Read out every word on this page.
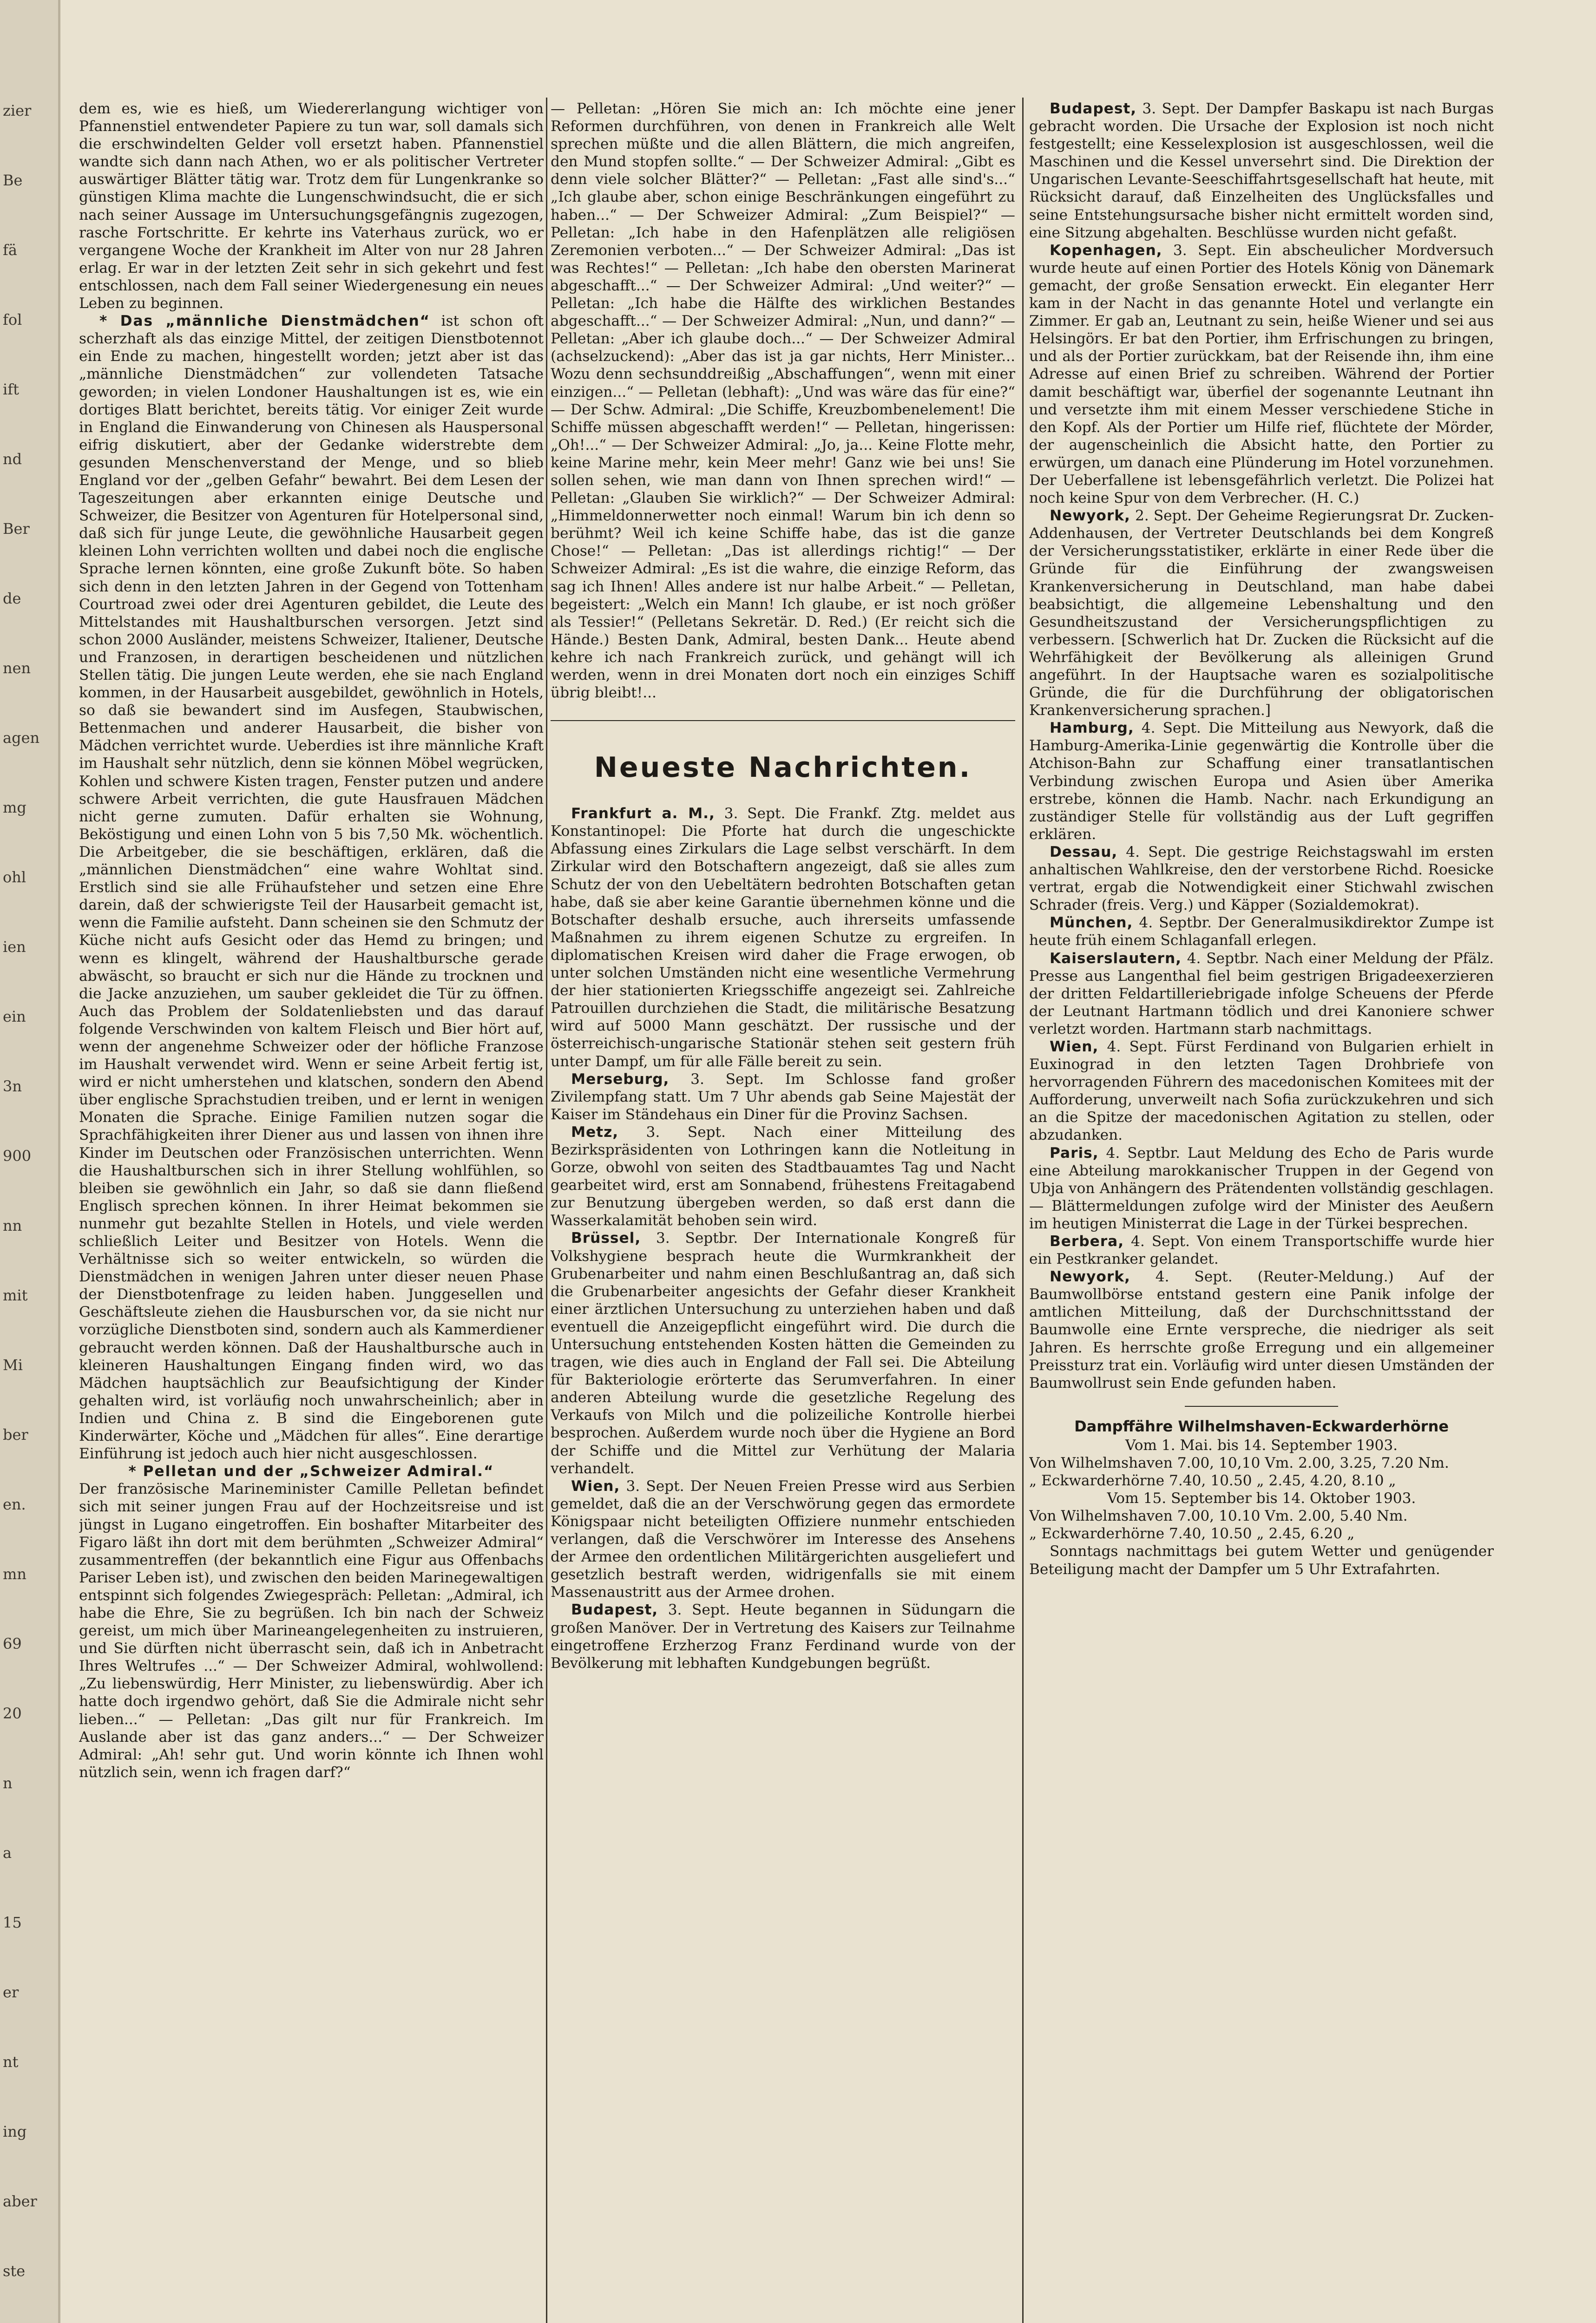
zier
Be
fä
fol
ift
nd
Ber
de
nen
agen
mg
ohl
ien
ein
3n
900
nn
mit
Mi
ber
en.
mn
69
20
n
a
15
er
nt
ing
aber
ste

dem es, wie es hieß, um Wiedererlangung wichtiger von Pfannenstiel entwendeter Papiere zu tun war, soll damals sich die erschwindelten Gelder voll ersetzt haben. Pfannenstiel wandte sich dann nach Athen, wo er als politischer Vertreter auswärtiger Blätter tätig war. Trotz dem für Lungenkranke so günstigen Klima machte die Lungenschwindsucht, die er sich nach seiner Aussage im Untersuchungsgefängnis zugezogen, rasche Fortschritte. Er kehrte ins Vaterhaus zurück, wo er vergangene Woche der Krankheit im Alter von nur 28 Jahren erlag. Er war in der letzten Zeit sehr in sich gekehrt und fest entschlossen, nach dem Fall seiner Wiedergenesung ein neues Leben zu beginnen.

* Das „männliche Dienstmädchen“ ist schon oft scherzhaft als das einzige Mittel, der zeitigen Dienstbotennot ein Ende zu machen, hingestellt worden; jetzt aber ist das „männliche Dienstmädchen“ zur vollendeten Tatsache geworden; in vielen Londoner Haushaltungen ist es, wie ein dortiges Blatt berichtet, bereits tätig. Vor einiger Zeit wurde in England die Einwanderung von Chinesen als Hauspersonal eifrig diskutiert, aber der Gedanke widerstrebte dem gesunden Menschenverstand der Menge, und so blieb England vor der „gelben Gefahr“ bewahrt. Bei dem Lesen der Tageszeitungen aber erkannten einige Deutsche und Schweizer, die Besitzer von Agenturen für Hotelpersonal sind, daß sich für junge Leute, die gewöhnliche Hausarbeit gegen kleinen Lohn verrichten wollten und dabei noch die englische Sprache lernen könnten, eine große Zukunft böte. So haben sich denn in den letzten Jahren in der Gegend von Tottenham Courtroad zwei oder drei Agenturen gebildet, die Leute des Mittelstandes mit Haushaltburschen versorgen. Jetzt sind schon 2000 Ausländer, meistens Schweizer, Italiener, Deutsche und Franzosen, in derartigen bescheidenen und nützlichen Stellen tätig. Die jungen Leute werden, ehe sie nach England kommen, in der Hausarbeit ausgebildet, gewöhnlich in Hotels, so daß sie bewandert sind im Ausfegen, Staubwischen, Bettenmachen und anderer Hausarbeit, die bisher von Mädchen verrichtet wurde. Ueberdies ist ihre männliche Kraft im Haushalt sehr nützlich, denn sie können Möbel wegrücken, Kohlen und schwere Kisten tragen, Fenster putzen und andere schwere Arbeit verrichten, die gute Hausfrauen Mädchen nicht gerne zumuten. Dafür erhalten sie Wohnung, Beköstigung und einen Lohn von 5 bis 7,50 Mk. wöchentlich. Die Arbeitgeber, die sie beschäftigen, erklären, daß die „männlichen Dienstmädchen“ eine wahre Wohltat sind. Erstlich sind sie alle Frühaufsteher und setzen eine Ehre darein, daß der schwierigste Teil der Hausarbeit gemacht ist, wenn die Familie aufsteht. Dann scheinen sie den Schmutz der Küche nicht aufs Gesicht oder das Hemd zu bringen; und wenn es klingelt, während der Haushaltbursche gerade abwäscht, so braucht er sich nur die Hände zu trocknen und die Jacke anzuziehen, um sauber gekleidet die Tür zu öffnen. Auch das Problem der Soldatenliebsten und das darauf folgende Verschwinden von kaltem Fleisch und Bier hört auf, wenn der angenehme Schweizer oder der höfliche Franzose im Haushalt verwendet wird. Wenn er seine Arbeit fertig ist, wird er nicht umherstehen und klatschen, sondern den Abend über englische Sprachstudien treiben, und er lernt in wenigen Monaten die Sprache. Einige Familien nutzen sogar die Sprachfähigkeiten ihrer Diener aus und lassen von ihnen ihre Kinder im Deutschen oder Französischen unterrichten. Wenn die Haushaltburschen sich in ihrer Stellung wohlfühlen, so bleiben sie gewöhnlich ein Jahr, so daß sie dann fließend Englisch sprechen können. In ihrer Heimat bekommen sie nunmehr gut bezahlte Stellen in Hotels, und viele werden schließlich Leiter und Besitzer von Hotels. Wenn die Verhältnisse sich so weiter entwickeln, so würden die Dienstmädchen in wenigen Jahren unter dieser neuen Phase der Dienstbotenfrage zu leiden haben. Junggesellen und Geschäftsleute ziehen die Hausburschen vor, da sie nicht nur vorzügliche Dienstboten sind, sondern auch als Kammerdiener gebraucht werden können. Daß der Haushaltbursche auch in kleineren Haushaltungen Eingang finden wird, wo das Mädchen hauptsächlich zur Beaufsichtigung der Kinder gehalten wird, ist vorläufig noch unwahrscheinlich; aber in Indien und China z. B sind die Eingeborenen gute Kinderwärter, Köche und „Mädchen für alles“. Eine derartige Einführung ist jedoch auch hier nicht ausgeschlossen.

* Pelletan und der „Schweizer Admiral.“

Der französische Marineminister Camille Pelletan befindet sich mit seiner jungen Frau auf der Hochzeitsreise und ist jüngst in Lugano eingetroffen. Ein boshafter Mitarbeiter des Figaro läßt ihn dort mit dem berühmten „Schweizer Admiral“ zusammentreffen (der bekanntlich eine Figur aus Offenbachs Pariser Leben ist), und zwischen den beiden Marinegewaltigen entspinnt sich folgendes Zwiegespräch: Pelletan: „Admiral, ich habe die Ehre, Sie zu begrüßen. Ich bin nach der Schweiz gereist, um mich über Marineangelegenheiten zu instruieren, und Sie dürften nicht überrascht sein, daß ich in Anbetracht Ihres Weltrufes ...“ — Der Schweizer Admiral, wohlwollend: „Zu liebenswürdig, Herr Minister, zu liebenswürdig. Aber ich hatte doch irgendwo gehört, daß Sie die Admirale nicht sehr lieben...“ — Pelletan: „Das gilt nur für Frankreich. Im Auslande aber ist das ganz anders...“ — Der Schweizer Admiral: „Ah! sehr gut. Und worin könnte ich Ihnen wohl nützlich sein, wenn ich fragen darf?“

— Pelletan: „Hören Sie mich an: Ich möchte eine jener Reformen durchführen, von denen in Frankreich alle Welt sprechen müßte und die allen Blättern, die mich angreifen, den Mund stopfen sollte.“ — Der Schweizer Admiral: „Gibt es denn viele solcher Blätter?“ — Pelletan: „Fast alle sind's...“ „Ich glaube aber, schon einige Beschränkungen eingeführt zu haben...“ — Der Schweizer Admiral: „Zum Beispiel?“ — Pelletan: „Ich habe in den Hafenplätzen alle religiösen Zeremonien verboten...“ — Der Schweizer Admiral: „Das ist was Rechtes!“ — Pelletan: „Ich habe den obersten Marinerat abgeschafft...“ — Der Schweizer Admiral: „Und weiter?“ — Pelletan: „Ich habe die Hälfte des wirklichen Bestandes abgeschafft...“ — Der Schweizer Admiral: „Nun, und dann?“ — Pelletan: „Aber ich glaube doch...“ — Der Schweizer Admiral (achselzuckend): „Aber das ist ja gar nichts, Herr Minister... Wozu denn sechsunddreißig „Abschaffungen“, wenn mit einer einzigen...“ — Pelletan (lebhaft): „Und was wäre das für eine?“ — Der Schw. Admiral: „Die Schiffe, Kreuzbombenelement! Die Schiffe müssen abgeschafft werden!“ — Pelletan, hingerissen: „Oh!...“ — Der Schweizer Admiral: „Jo, ja... Keine Flotte mehr, keine Marine mehr, kein Meer mehr! Ganz wie bei uns! Sie sollen sehen, wie man dann von Ihnen sprechen wird!“ — Pelletan: „Glauben Sie wirklich?“ — Der Schweizer Admiral: „Himmeldonnerwetter noch einmal! Warum bin ich denn so berühmt? Weil ich keine Schiffe habe, das ist die ganze Chose!“ — Pelletan: „Das ist allerdings richtig!“ — Der Schweizer Admiral: „Es ist die wahre, die einzige Reform, das sag ich Ihnen! Alles andere ist nur halbe Arbeit.“ — Pelletan, begeistert: „Welch ein Mann! Ich glaube, er ist noch größer als Tessier!“ (Pelletans Sekretär. D. Red.) (Er reicht sich die Hände.) Besten Dank, Admiral, besten Dank... Heute abend kehre ich nach Frankreich zurück, und gehängt will ich werden, wenn in drei Monaten dort noch ein einziges Schiff übrig bleibt!...

Neueste Nachrichten.

Frankfurt a. M., 3. Sept. Die Frankf. Ztg. meldet aus Konstantinopel: Die Pforte hat durch die ungeschickte Abfassung eines Zirkulars die Lage selbst verschärft. In dem Zirkular wird den Botschaftern angezeigt, daß sie alles zum Schutz der von den Uebeltätern bedrohten Botschaften getan habe, daß sie aber keine Garantie übernehmen könne und die Botschafter deshalb ersuche, auch ihrerseits umfassende Maßnahmen zu ihrem eigenen Schutze zu ergreifen. In diplomatischen Kreisen wird daher die Frage erwogen, ob unter solchen Umständen nicht eine wesentliche Vermehrung der hier stationierten Kriegsschiffe angezeigt sei. Zahlreiche Patrouillen durchziehen die Stadt, die militärische Besatzung wird auf 5000 Mann geschätzt. Der russische und der österreichisch-ungarische Stationär stehen seit gestern früh unter Dampf, um für alle Fälle bereit zu sein.

Merseburg, 3. Sept. Im Schlosse fand großer Zivilempfang statt. Um 7 Uhr abends gab Seine Majestät der Kaiser im Ständehaus ein Diner für die Provinz Sachsen.

Metz, 3. Sept. Nach einer Mitteilung des Bezirkspräsidenten von Lothringen kann die Notleitung in Gorze, obwohl von seiten des Stadtbauamtes Tag und Nacht gearbeitet wird, erst am Sonnabend, frühestens Freitagabend zur Benutzung übergeben werden, so daß erst dann die Wasserkalamität behoben sein wird.

Brüssel, 3. Septbr. Der Internationale Kongreß für Volkshygiene besprach heute die Wurmkrankheit der Grubenarbeiter und nahm einen Beschlußantrag an, daß sich die Grubenarbeiter angesichts der Gefahr dieser Krankheit einer ärztlichen Untersuchung zu unterziehen haben und daß eventuell die Anzeigepflicht eingeführt wird. Die durch die Untersuchung entstehenden Kosten hätten die Gemeinden zu tragen, wie dies auch in England der Fall sei. Die Abteilung für Bakteriologie erörterte das Serumverfahren. In einer anderen Abteilung wurde die gesetzliche Regelung des Verkaufs von Milch und die polizeiliche Kontrolle hierbei besprochen. Außerdem wurde noch über die Hygiene an Bord der Schiffe und die Mittel zur Verhütung der Malaria verhandelt.

Wien, 3. Sept. Der Neuen Freien Presse wird aus Serbien gemeldet, daß die an der Verschwörung gegen das ermordete Königspaar nicht beteiligten Offiziere nunmehr entschieden verlangen, daß die Verschwörer im Interesse des Ansehens der Armee den ordentlichen Militärgerichten ausgeliefert und gesetzlich bestraft werden, widrigenfalls sie mit einem Massenaustritt aus der Armee drohen.

Budapest, 3. Sept. Heute begannen in Südungarn die großen Manöver. Der in Vertretung des Kaisers zur Teilnahme eingetroffene Erzherzog Franz Ferdinand wurde von der Bevölkerung mit lebhaften Kundgebungen begrüßt.

Budapest, 3. Sept. Der Dampfer Baskapu ist nach Burgas gebracht worden. Die Ursache der Explosion ist noch nicht festgestellt; eine Kesselexplosion ist ausgeschlossen, weil die Maschinen und die Kessel unversehrt sind. Die Direktion der Ungarischen Levante-Seeschiffahrtsgesellschaft hat heute, mit Rücksicht darauf, daß Einzelheiten des Unglücksfalles und seine Entstehungsursache bisher nicht ermittelt worden sind, eine Sitzung abgehalten. Beschlüsse wurden nicht gefaßt.

Kopenhagen, 3. Sept. Ein abscheulicher Mordversuch wurde heute auf einen Portier des Hotels König von Dänemark gemacht, der große Sensation erweckt. Ein eleganter Herr kam in der Nacht in das genannte Hotel und verlangte ein Zimmer. Er gab an, Leutnant zu sein, heiße Wiener und sei aus Helsingörs. Er bat den Portier, ihm Erfrischungen zu bringen, und als der Portier zurückkam, bat der Reisende ihn, ihm eine Adresse auf einen Brief zu schreiben. Während der Portier damit beschäftigt war, überfiel der sogenannte Leutnant ihn und versetzte ihm mit einem Messer verschiedene Stiche in den Kopf. Als der Portier um Hilfe rief, flüchtete der Mörder, der augenscheinlich die Absicht hatte, den Portier zu erwürgen, um danach eine Plünderung im Hotel vorzunehmen. Der Ueberfallene ist lebensgefährlich verletzt. Die Polizei hat noch keine Spur von dem Verbrecher. (H. C.)

Newyork, 2. Sept. Der Geheime Regierungsrat Dr. Zucken-Addenhausen, der Vertreter Deutschlands bei dem Kongreß der Versicherungsstatistiker, erklärte in einer Rede über die Gründe für die Einführung der zwangsweisen Krankenversicherung in Deutschland, man habe dabei beabsichtigt, die allgemeine Lebenshaltung und den Gesundheitszustand der Versicherungspflichtigen zu verbessern. [Schwerlich hat Dr. Zucken die Rücksicht auf die Wehrfähigkeit der Bevölkerung als alleinigen Grund angeführt. In der Hauptsache waren es sozialpolitische Gründe, die für die Durchführung der obligatorischen Krankenversicherung sprachen.]

Hamburg, 4. Sept. Die Mitteilung aus Newyork, daß die Hamburg-Amerika-Linie gegenwärtig die Kontrolle über die Atchison-Bahn zur Schaffung einer transatlantischen Verbindung zwischen Europa und Asien über Amerika erstrebe, können die Hamb. Nachr. nach Erkundigung an zuständiger Stelle für vollständig aus der Luft gegriffen erklären.

Dessau, 4. Sept. Die gestrige Reichstagswahl im ersten anhaltischen Wahlkreise, den der verstorbene Richd. Roesicke vertrat, ergab die Notwendigkeit einer Stichwahl zwischen Schrader (freis. Verg.) und Käpper (Sozialdemokrat).

München, 4. Septbr. Der Generalmusikdirektor Zumpe ist heute früh einem Schlaganfall erlegen.

Kaiserslautern, 4. Septbr. Nach einer Meldung der Pfälz. Presse aus Langenthal fiel beim gestrigen Brigadeexerzieren der dritten Feldartilleriebrigade infolge Scheuens der Pferde der Leutnant Hartmann tödlich und drei Kanoniere schwer verletzt worden. Hartmann starb nachmittags.

Wien, 4. Sept. Fürst Ferdinand von Bulgarien erhielt in Euxinograd in den letzten Tagen Drohbriefe von hervorragenden Führern des macedonischen Komitees mit der Aufforderung, unverweilt nach Sofia zurückzukehren und sich an die Spitze der macedonischen Agitation zu stellen, oder abzudanken.

Paris, 4. Septbr. Laut Meldung des Echo de Paris wurde eine Abteilung marokkanischer Truppen in der Gegend von Ubja von Anhängern des Prätendenten vollständig geschlagen. — Blättermeldungen zufolge wird der Minister des Aeußern im heutigen Ministerrat die Lage in der Türkei besprechen.

Berbera, 4. Sept. Von einem Transportschiffe wurde hier ein Pestkranker gelandet.

Newyork, 4. Sept. (Reuter-Meldung.) Auf der Baumwollbörse entstand gestern eine Panik infolge der amtlichen Mitteilung, daß der Durchschnittsstand der Baumwolle eine Ernte verspreche, die niedriger als seit Jahren. Es herrschte große Erregung und ein allgemeiner Preissturz trat ein. Vorläufig wird unter diesen Umständen der Baumwollrust sein Ende gefunden haben.

Dampffähre Wilhelmshaven-Eckwarderhörne

Vom 1. Mai. bis 14. September 1903.

Von Wilhelmshaven 7.00, 10,10 Vm. 2.00, 3.25, 7.20 Nm.

„ Eckwarderhörne 7.40, 10.50 „ 2.45, 4.20, 8.10 „

Vom 15. September bis 14. Oktober 1903.

Von Wilhelmshaven 7.00, 10.10 Vm. 2.00, 5.40 Nm.

„ Eckwarderhörne 7.40, 10.50 „ 2.45, 6.20 „

Sonntags nachmittags bei gutem Wetter und genügender Beteiligung macht der Dampfer um 5 Uhr Extrafahrten.
